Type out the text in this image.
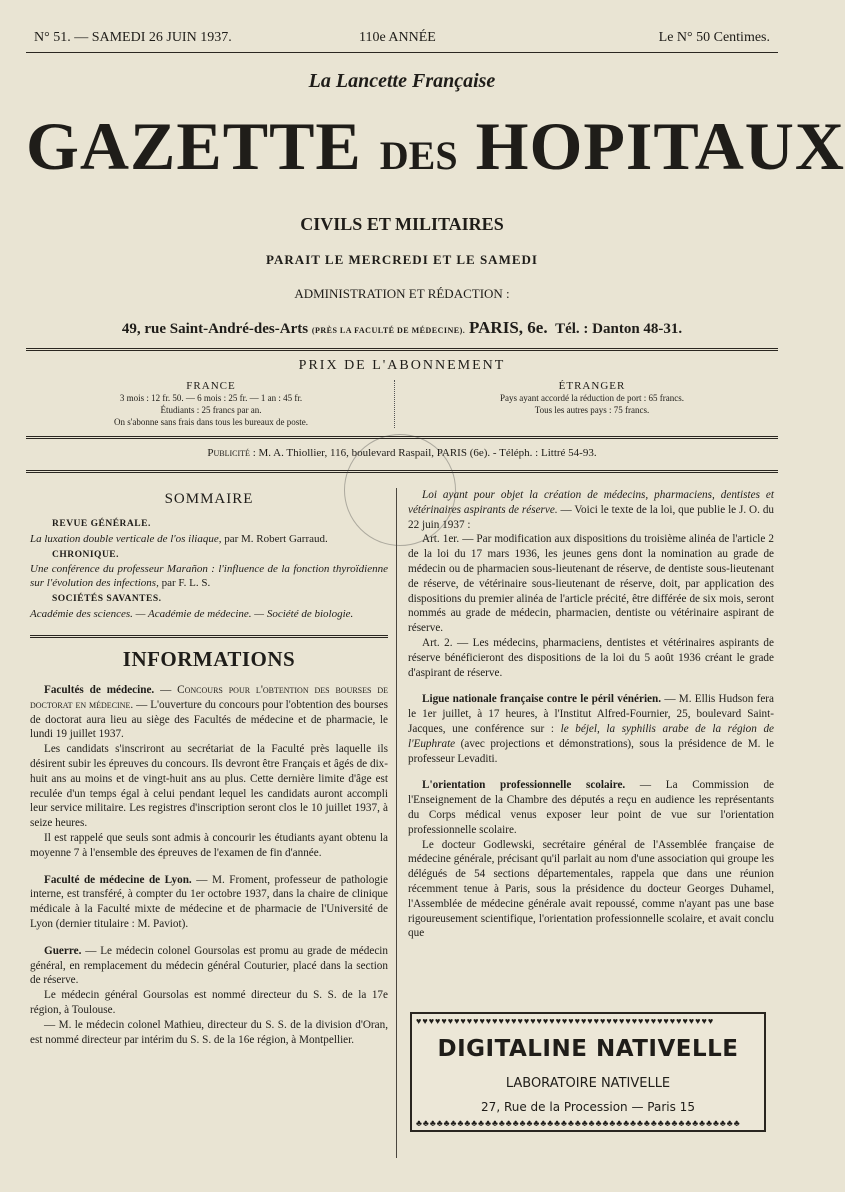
N° 51. — SAMEDI 26 JUIN 1937.	110e ANNÉE	Le N° 50 Centimes.
La Lancette Française
GAZETTE DES HOPITAUX
CIVILS ET MILITAIRES
PARAIT LE MERCREDI ET LE SAMEDI
ADMINISTRATION ET RÉDACTION :
49, rue Saint-André-des-Arts (PRÈS LA FACULTÉ DE MÉDECINE). PARIS, 6e. Tél. : Danton 48-31.
PRIX DE L'ABONNEMENT
FRANCE
3 mois : 12 fr. 50. — 6 mois : 25 fr. — 1 an : 45 fr.
Étudiants : 25 francs par an.
On s'abonne sans frais dans tous les bureaux de poste.
ÉTRANGER
Pays ayant accordé la réduction de port : 65 francs.
Tous les autres pays : 75 francs.
Publicité : M. A. Thiollier, 116, boulevard Raspail, PARIS (6e). - Téléph. : Littré 54-93.
SOMMAIRE
REVUE GÉNÉRALE.
La luxation double verticale de l'os iliaque, par M. Robert Garraud.
CHRONIQUE.
Une conférence du professeur Marañon : l'influence de la fonction thyroïdienne sur l'évolution des infections, par F. L. S.
SOCIÉTÉS SAVANTES.
Académie des sciences. — Académie de médecine. — Société de biologie.
INFORMATIONS

Facultés de médecine. — Concours pour l'obtention des bourses de doctorat en médecine. — L'ouverture du concours pour l'obtention des bourses de doctorat aura lieu au siège des Facultés de médecine et de pharmacie, le lundi 19 juillet 1937.

Les candidats s'inscriront au secrétariat de la Faculté près laquelle ils désirent subir les épreuves du concours. Ils devront être Français et âgés de dix-huit ans au moins et de vingt-huit ans au plus. Cette dernière limite d'âge est reculée d'un temps égal à celui pendant lequel les candidats auront accompli leur service militaire. Les registres d'inscription seront clos le 10 juillet 1937, à seize heures.

Il est rappelé que seuls sont admis à concourir les étudiants ayant obtenu la moyenne 7 à l'ensemble des épreuves de l'examen de fin d'année.

Faculté de médecine de Lyon. — M. Froment, professeur de pathologie interne, est transféré, à compter du 1er octobre 1937, dans la chaire de clinique médicale à la Faculté mixte de médecine et de pharmacie de l'Université de Lyon (dernier titulaire : M. Paviot).

Guerre. — Le médecin colonel Goursolas est promu au grade de médecin général, en remplacement du médecin général Couturier, placé dans la section de réserve.

Le médecin général Goursolas est nommé directeur du S. S. de la 17e région, à Toulouse.

— M. le médecin colonel Mathieu, directeur du S. S. de la division d'Oran, est nommé directeur par intérim du S. S. de la 16e région, à Montpellier.

Loi ayant pour objet la création de médecins, pharmaciens, dentistes et vétérinaires aspirants de réserve. — Voici le texte de la loi, que publie le J. O. du 22 juin 1937 :

Art. 1er. — Par modification aux dispositions du troisième alinéa de l'article 2 de la loi du 17 mars 1936, les jeunes gens dont la nomination au grade de médecin ou de pharmacien sous-lieutenant de réserve, de dentiste sous-lieutenant de réserve, de vétérinaire sous-lieutenant de réserve, doit, par application des dispositions du premier alinéa de l'article précité, être différée de six mois, seront nommés au grade de médecin, pharmacien, dentiste ou vétérinaire aspirant de réserve.

Art. 2. — Les médecins, pharmaciens, dentistes et vétérinaires aspirants de réserve bénéficieront des dispositions de la loi du 5 août 1936 créant le grade d'aspirant de réserve.

Ligue nationale française contre le péril vénérien. — M. Ellis Hudson fera le 1er juillet, à 17 heures, à l'Institut Alfred-Fournier, 25, boulevard Saint-Jacques, une conférence sur : le béjel, la syphilis arabe de la région de l'Euphrate (avec projections et démonstrations), sous la présidence de M. le professeur Levaditi.

L'orientation professionnelle scolaire. — La Commission de l'Enseignement de la Chambre des députés a reçu en audience les représentants du Corps médical venus exposer leur point de vue sur l'orientation professionnelle scolaire.

Le docteur Godlewski, secrétaire général de l'Assemblée française de médecine générale, précisant qu'il parlait au nom d'une association qui groupe les délégués de 54 sections départementales, rappela que dans une réunion récemment tenue à Paris, sous la présidence du docteur Georges Duhamel, l'Assemblée de médecine générale avait repoussé, comme n'ayant pas une base rigoureusement scientifique, l'orientation professionnelle scolaire, et avait conclu que

♥♥♥♥♥♥♥♥♥♥♥♥♥♥♥♥♥♥♥♥♥♥♥♥♥♥♥♥♥♥♥♥♥♥♥♥♥♥♥♥♥♥♥♥♥♥♥
DIGITALINE NATIVELLE
LABORATOIRE NATIVELLE
27, Rue de la Procession — Paris 15
♣♣♣♣♣♣♣♣♣♣♣♣♣♣♣♣♣♣♣♣♣♣♣♣♣♣♣♣♣♣♣♣♣♣♣♣♣♣♣♣♣♣♣♣♣♣♣
